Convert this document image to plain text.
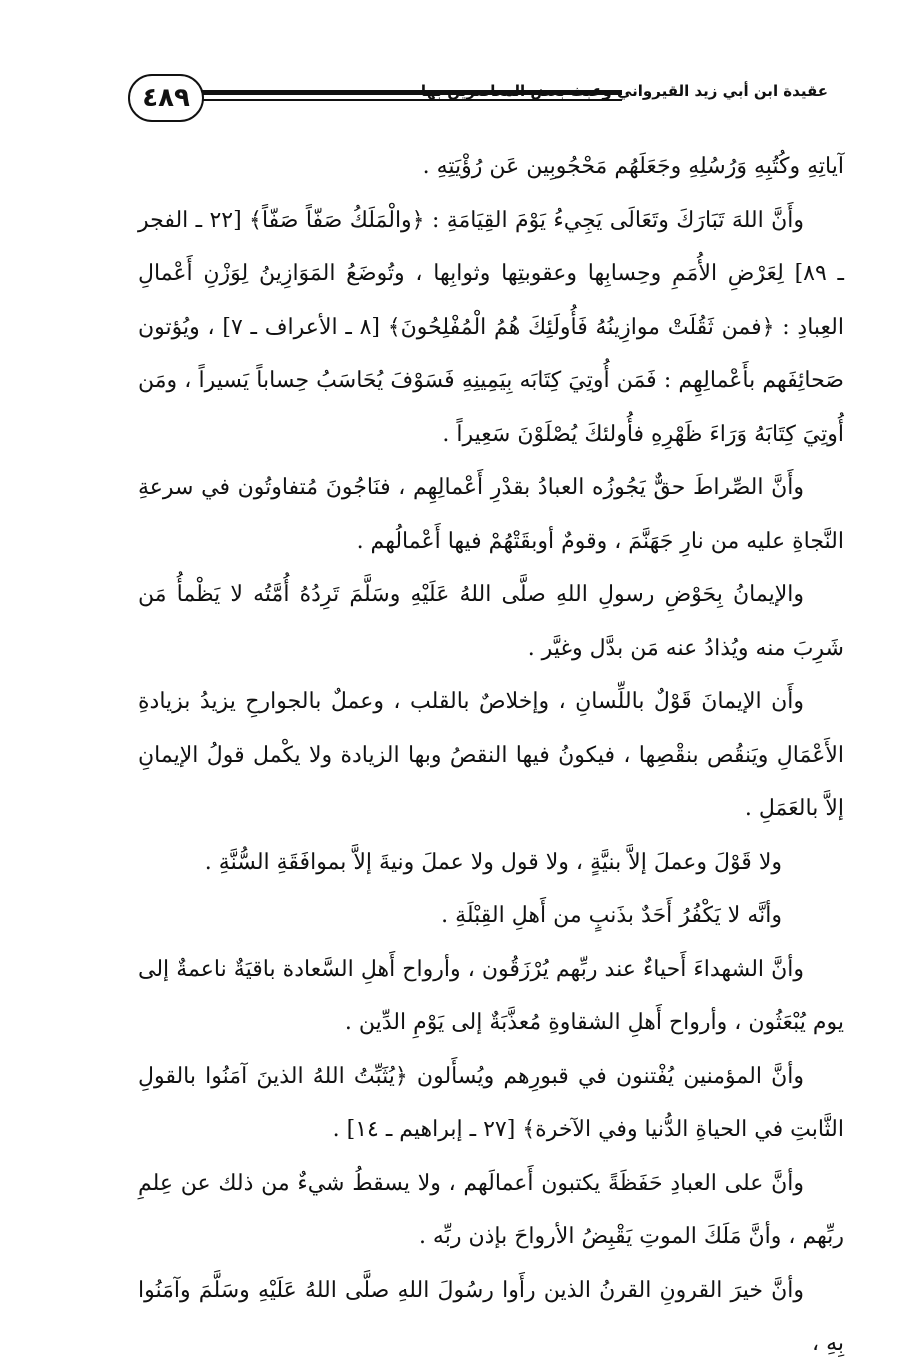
٤٨٩	عقيدة ابن أبي زيد القيرواني وعبث بعض المعاصرين بها

آياتِهِ وكُتُبِهِ وَرُسُلِهِ وجَعَلَهُم مَحْجُوبِين عَن رُؤْيَتِهِ .

وأَنَّ اللهَ تَبَارَكَ وتَعَالَى يَجِيءُ يَوْمَ القِيَامَةِ : ﴿والْمَلَكُ صَفّاً صَفّاً﴾ [٢٢ ـ الفجر ـ ٨٩] لِعَرْضِ الأُمَمِ وحِسابِها وعقوبتِها وثوابِها ، وتُوضَعُ المَوَازِينُ لِوَزْنِ أَعْمالِ العِبادِ : ﴿فمن ثَقُلَتْ موازِينُهُ فَأُولَئِكَ هُمُ الْمُفْلِحُونَ﴾ [٨ ـ الأعراف ـ ٧] ، ويُؤتون صَحائِفَهم بأَعْمالِهِم : فَمَن أُوتِيَ كِتَابَه بِيَمِينِهِ فَسَوْفَ يُحَاسَبُ حِساباً يَسيراً ، ومَن أُوتِيَ كِتَابَهُ وَرَاءَ ظَهْرِهِ فأُولئكَ يُصْلَوْنَ سَعِيراً .

وأَنَّ الصِّراطَ حقٌّ يَجُوزُه العبادُ بقدْرِ أَعْمالِهِم ، فنَاجُونَ مُتفاوتُون في سرعةِ النَّجاةِ عليه من نارِ جَهَنَّمَ ، وقومٌ أوبقَتْهُمْ فيها أَعْمالُهم .

والإيمانُ بِحَوْضِ رسولِ اللهِ صلَّى اللهُ عَلَيْهِ وسَلَّمَ تَرِدُهُ أُمَّتُه لا يَظْمأُ مَن شَرِبَ منه ويُذادُ عنه مَن بدَّل وغيَّر .

وأَن الإيمانَ قَوْلٌ باللِّسانِ ، وإخلاصٌ بالقلب ، وعملٌ بالجوارحِ يزيدُ بزيادةِ الأَعْمَالِ ويَنقُص بنقْصِها ، فيكونُ فيها النقصُ وبها الزيادة ولا يكْمل قولُ الإيمانِ إلاَّ بالعَمَلِ .

ولا قَوْلَ وعملَ إلاَّ بنيَّةٍ ، ولا قول ولا عملَ ونيةَ إلاَّ بموافَقَةِ السُّنَّةِ .

وأنَّه لا يَكْفُرُ أَحَدٌ بذَنبٍ من أَهلِ القِبْلَةِ .

وأنَّ الشهداءَ أَحياءٌ عند ربِّهم يُرْزَقُون ، وأرواح أَهلِ السَّعادة باقيَةٌ ناعمةٌ إلى يوم يُبْعَثُون ، وأرواح أَهلِ الشقاوةِ مُعذَّبَةٌ إلى يَوْمِ الدِّين .

وأنَّ المؤمنين يُفْتنون في قبورِهم ويُسأَلون ﴿يُثَبِّتُ اللهُ الذينَ آمَنُوا بالقولِ الثَّابتِ في الحياةِ الدُّنيا وفي الآخرة﴾ [٢٧ ـ إبراهيم ـ ١٤] .

وأنَّ على العبادِ حَفَظَةً يكتبون أَعمالَهم ، ولا يسقطُ شيءٌ من ذلك عن عِلمِ ربِّهم ، وأنَّ مَلَكَ الموتِ يَقْبِضُ الأرواحَ بإذن ربِّه .

وأنَّ خيرَ القرونِ القرنُ الذين رأَوا رسُولَ اللهِ صلَّى اللهُ عَلَيْهِ وسَلَّمَ وآمَنُوا بِهِ ،
